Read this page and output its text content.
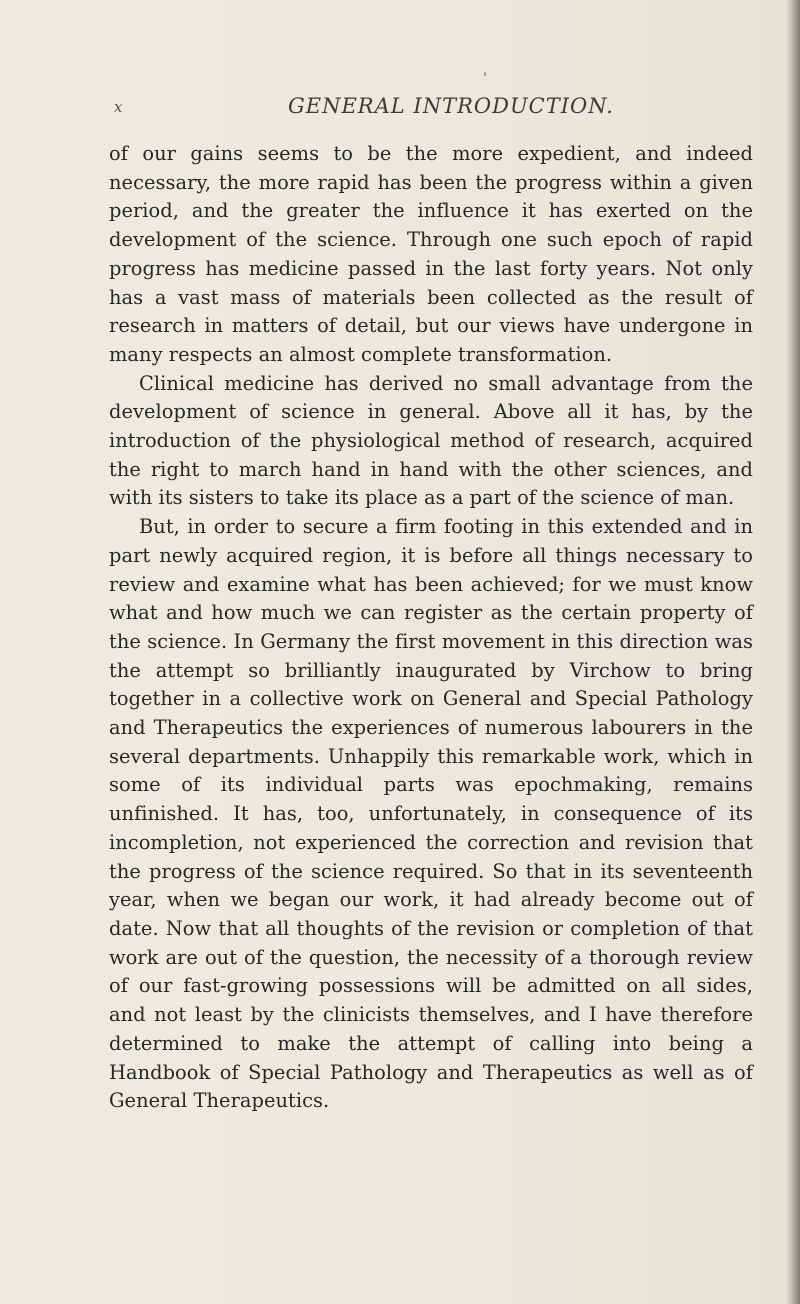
x	GENERAL INTRODUCTION.

of our gains seems to be the more expedient, and indeed necessary, the more rapid has been the progress within a given period, and the greater the influence it has exerted on the development of the science. Through one such epoch of rapid progress has medicine passed in the last forty years. Not only has a vast mass of materials been collected as the result of research in matters of detail, but our views have undergone in many respects an almost complete transformation.

Clinical medicine has derived no small advantage from the development of science in general. Above all it has, by the introduction of the physiological method of research, acquired the right to march hand in hand with the other sciences, and with its sisters to take its place as a part of the science of man.

But, in order to secure a firm footing in this extended and in part newly acquired region, it is before all things necessary to review and examine what has been achieved; for we must know what and how much we can register as the certain property of the science. In Germany the first movement in this direction was the attempt so brilliantly inaugurated by Virchow to bring together in a collective work on General and Special Pathology and Therapeutics the experiences of numerous labourers in the several departments. Unhappily this remarkable work, which in some of its individual parts was epochmaking, remains unfinished. It has, too, unfortunately, in consequence of its incompletion, not experienced the correction and revision that the progress of the science required. So that in its seventeenth year, when we began our work, it had already become out of date. Now that all thoughts of the revision or completion of that work are out of the question, the necessity of a thorough review of our fast-growing possessions will be admitted on all sides, and not least by the clinicists themselves, and I have therefore determined to make the attempt of calling into being a Handbook of Special Pathology and Therapeutics as well as of General Therapeutics.
